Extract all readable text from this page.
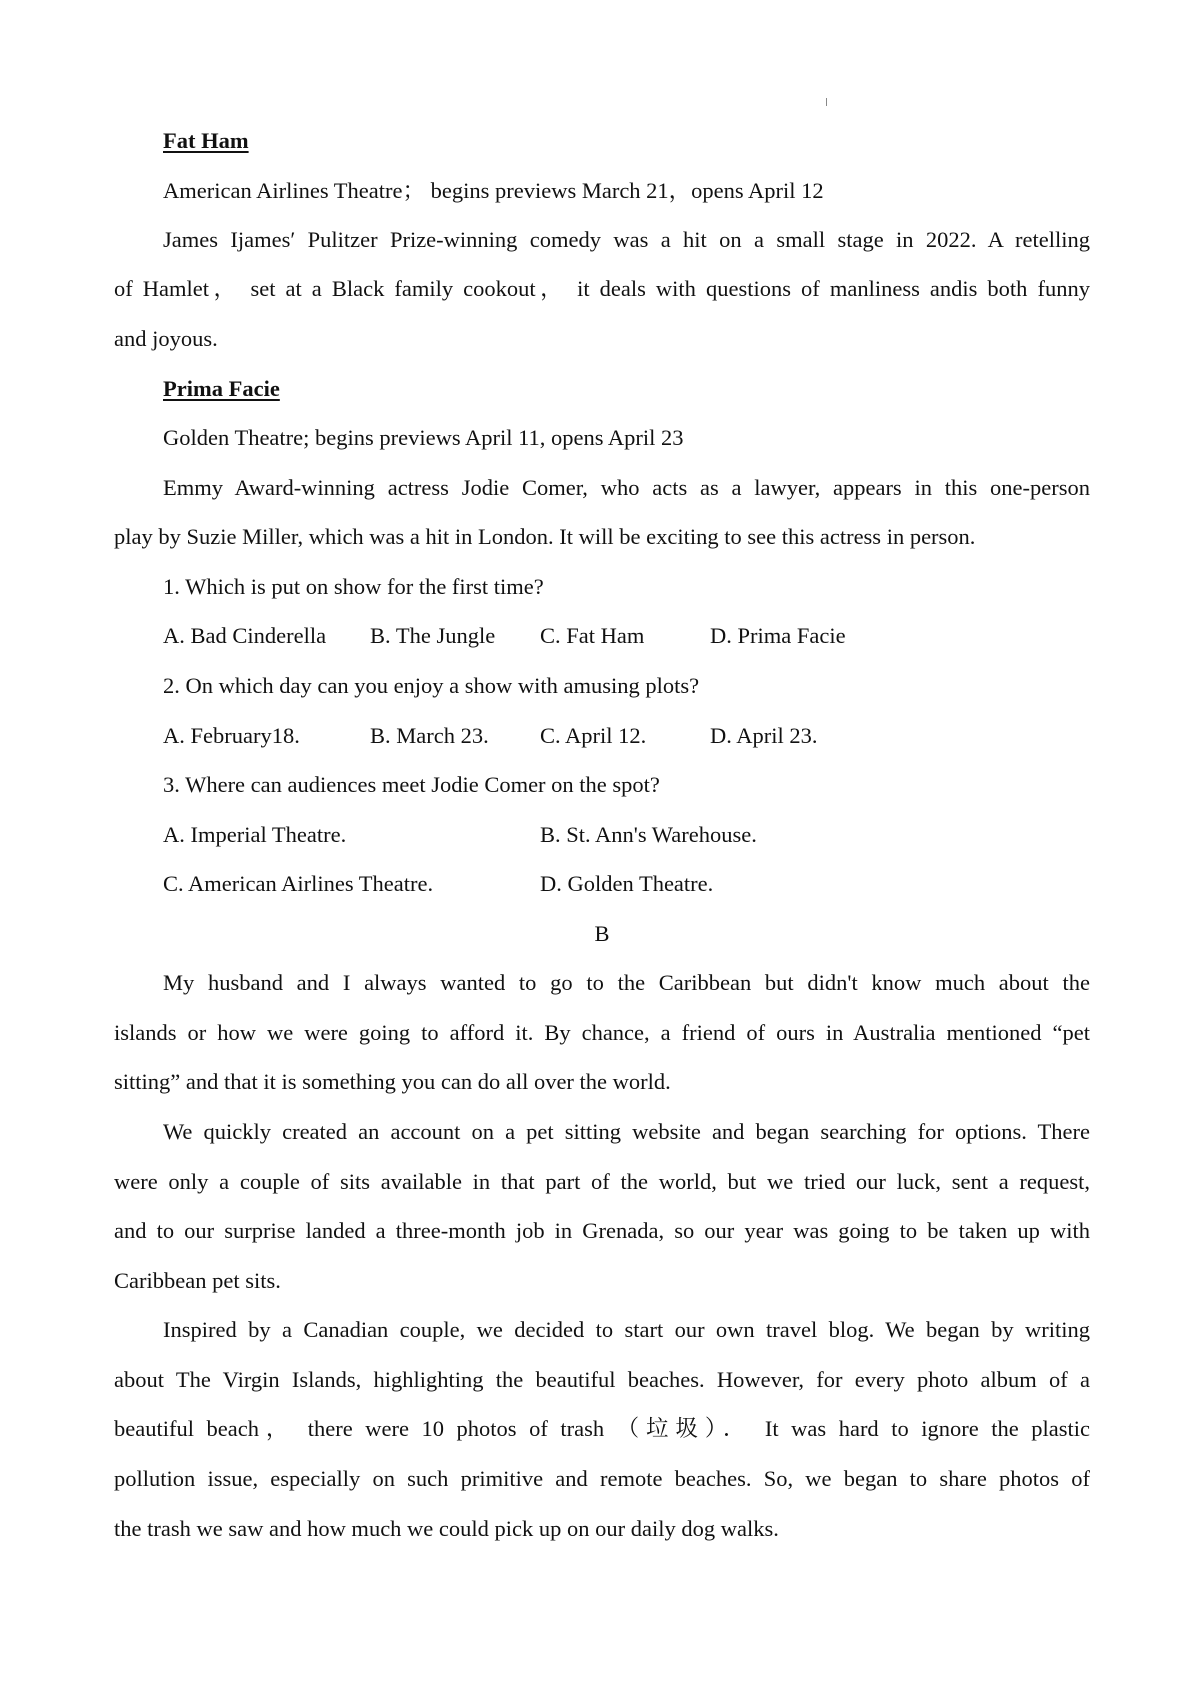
Fat Ham
American Airlines Theatre； begins previews March 21，opens April 12
James Ijames′ Pulitzer Prize-winning comedy was a hit on a small stage in 2022. A retelling
of Hamlet， set at a Black family cookout， it deals with questions of manliness andis both funny
and joyous.
Prima Facie
Golden Theatre; begins previews April 11, opens April 23
Emmy Award-winning actress Jodie Comer, who acts as a lawyer, appears in this one-person
play by Suzie Miller, which was a hit in London. It will be exciting to see this actress in person.
1. Which is put on show for the first time?
A. Bad Cinderella B. The Jungle C. Fat Ham	D. Prima Facie
2. On which day can you enjoy a show with amusing plots?
A. February18.	B. March 23. C. April 12.	D. April 23.
3. Where can audiences meet Jodie Comer on the spot?
A. Imperial Theatre.	B. St. Ann's Warehouse.
C. American Airlines Theatre.	D. Golden Theatre.
B
My husband and I always wanted to go to the Caribbean but didn't know much about the
islands or how we were going to afford it. By chance, a friend of ours in Australia mentioned “pet
sitting” and that it is something you can do all over the world.
We quickly created an account on a pet sitting website and began searching for options. There
were only a couple of sits available in that part of the world, but we tried our luck, sent a request,
and to our surprise landed a three-month job in Grenada, so our year was going to be taken up with
Caribbean pet sits.
Inspired by a Canadian couple, we decided to start our own travel blog. We began by writing
about The Virgin Islands, highlighting the beautiful beaches. However, for every photo album of a
beautiful beach， there were 10 photos of trash （垃圾）． It was hard to ignore the plastic
pollution issue, especially on such primitive and remote beaches. So, we began to share photos of
the trash we saw and how much we could pick up on our daily dog walks.
